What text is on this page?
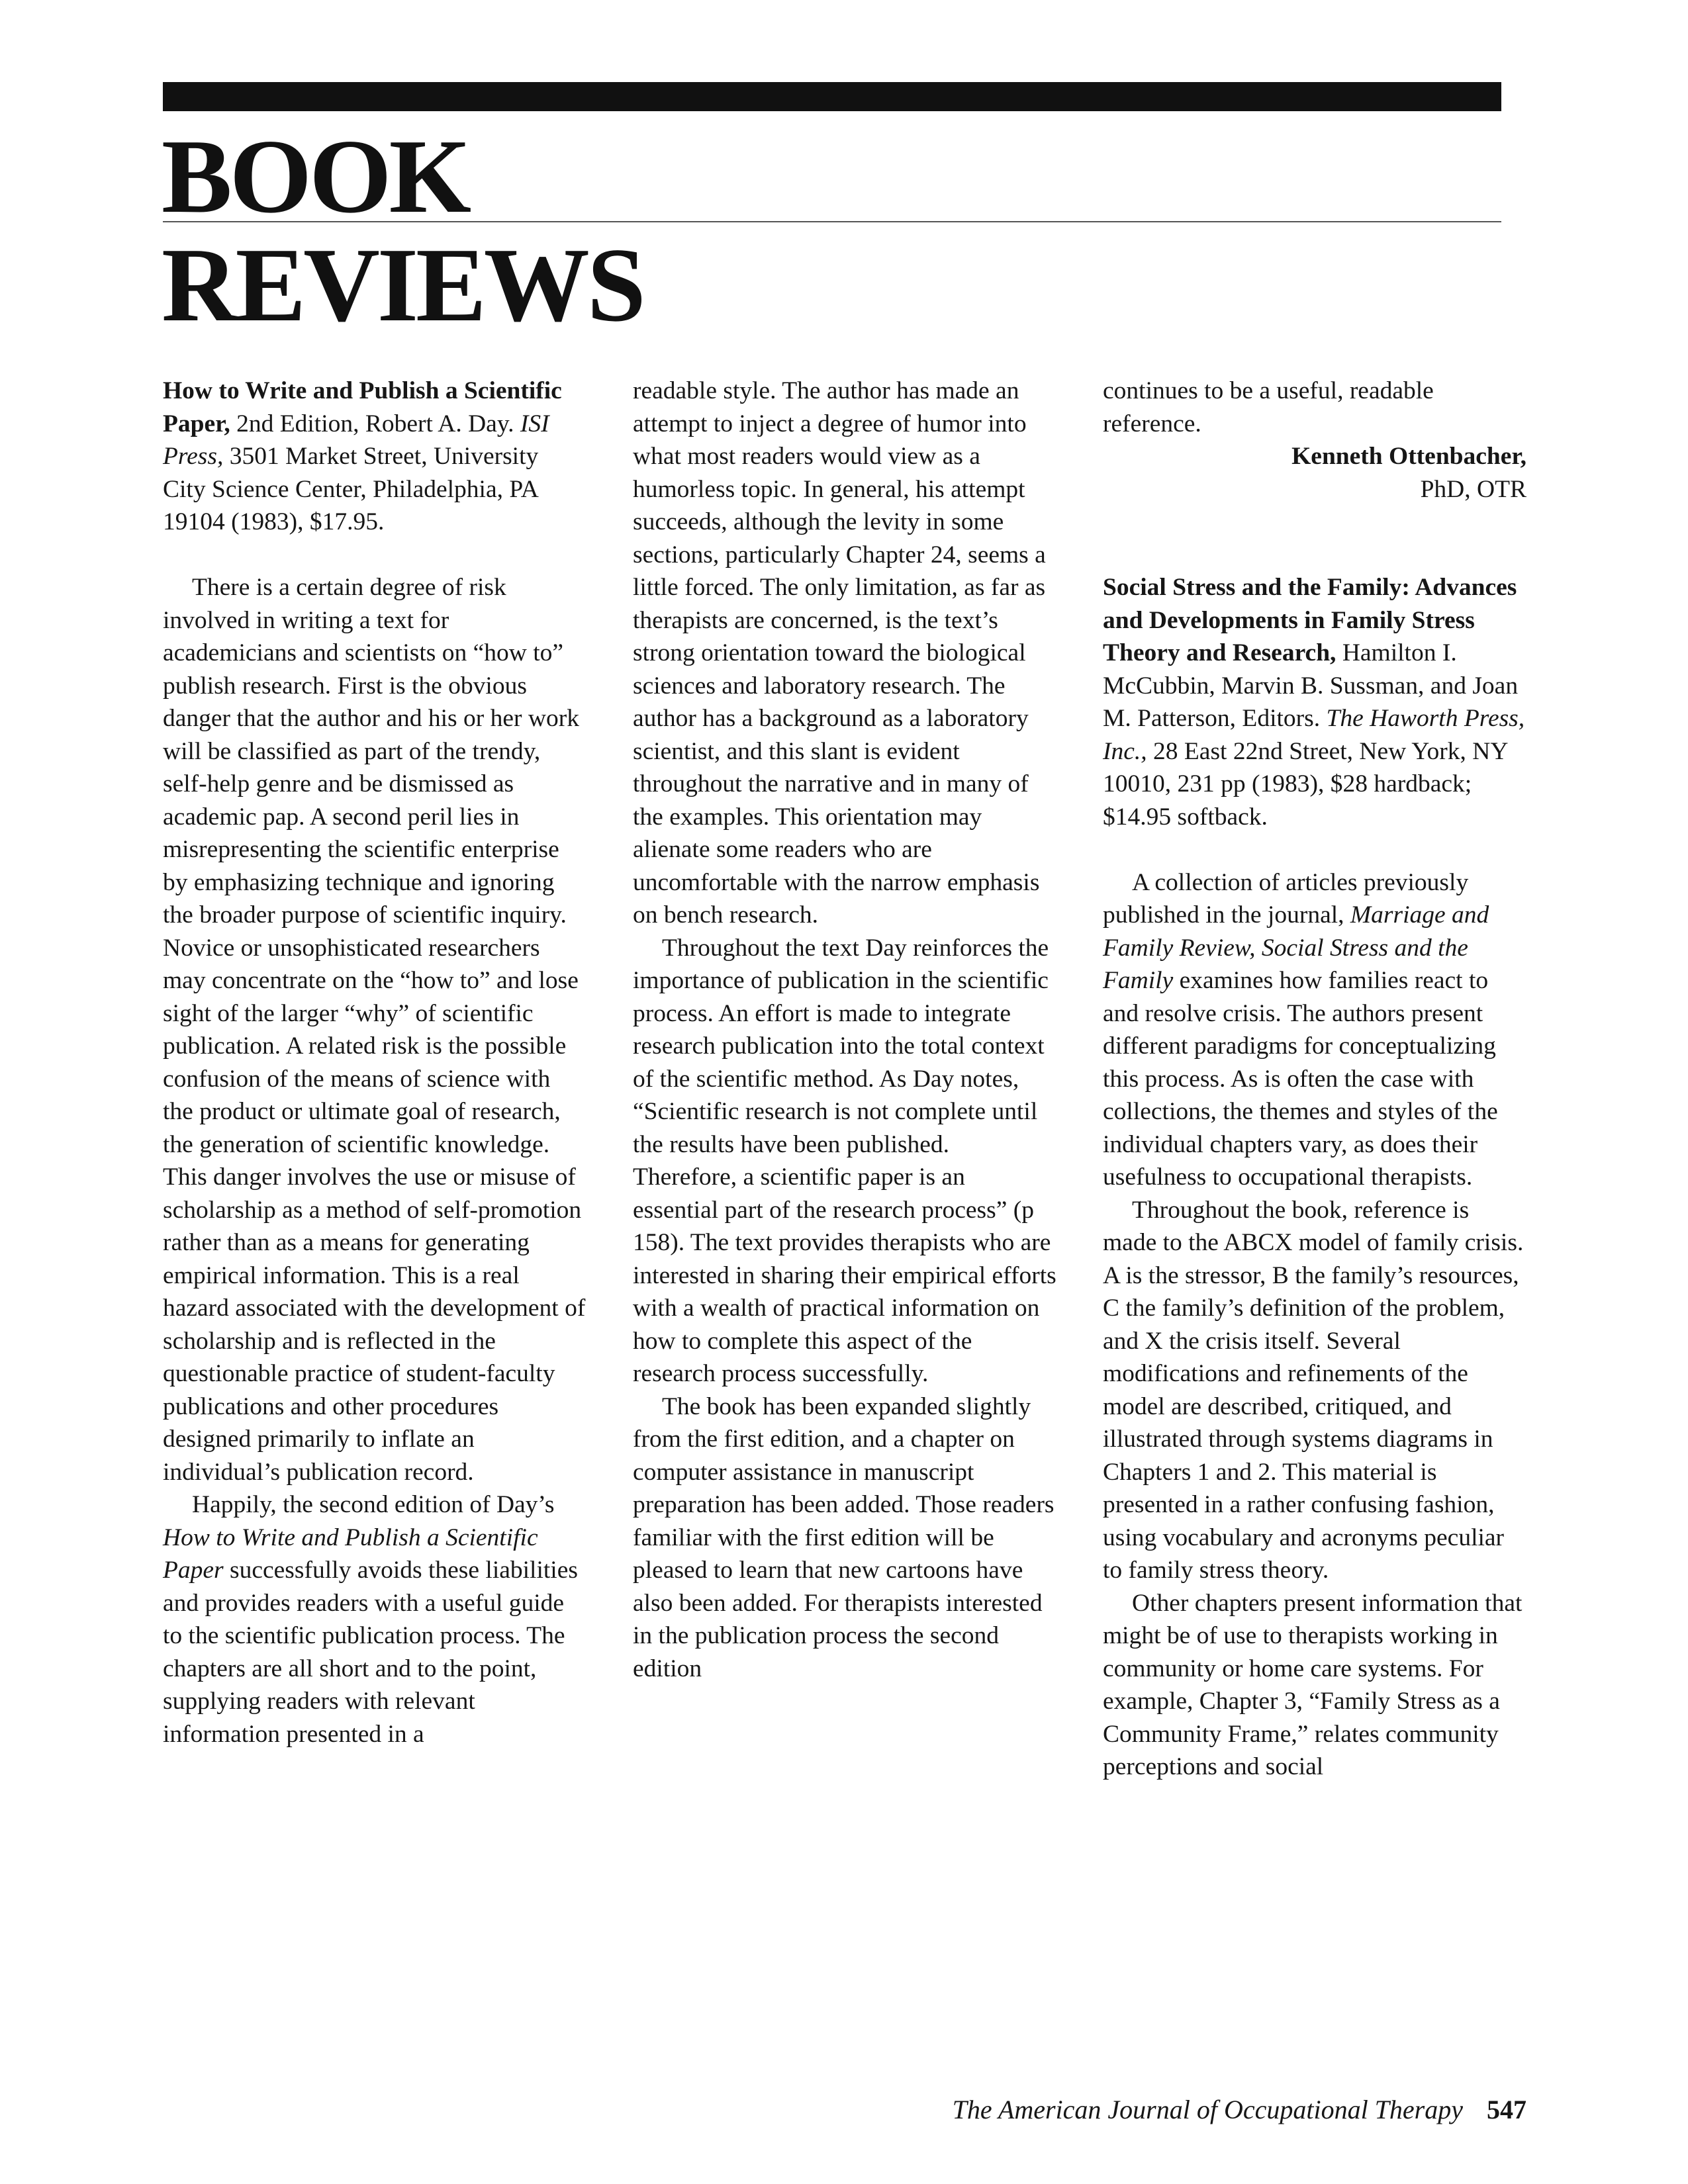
BOOK
REVIEWS

How to Write and Publish a Scientific Paper, 2nd Edition, Robert A. Day. ISI Press, 3501 Market Street, University City Science Center, Philadelphia, PA 19104 (1983), $17.95.

There is a certain degree of risk involved in writing a text for academicians and scientists on “how to” publish research. First is the obvious danger that the author and his or her work will be classified as part of the trendy, self-help genre and be dismissed as academic pap. A second peril lies in misrepresenting the scientific enterprise by emphasizing technique and ignoring the broader purpose of scientific inquiry. Novice or unsophisticated researchers may concentrate on the “how to” and lose sight of the larger “why” of scientific publication. A related risk is the possible confusion of the means of science with the product or ultimate goal of research, the generation of scientific knowledge. This danger involves the use or misuse of scholarship as a method of self-promotion rather than as a means for generating empirical information. This is a real hazard associated with the development of scholarship and is reflected in the questionable practice of student-faculty publications and other procedures designed primarily to inflate an individual’s publication record.

Happily, the second edition of Day’s How to Write and Publish a Scientific Paper successfully avoids these liabilities and provides readers with a useful guide to the scientific publication process. The chapters are all short and to the point, supplying readers with relevant information presented in a

readable style. The author has made an attempt to inject a degree of humor into what most readers would view as a humorless topic. In general, his attempt succeeds, although the levity in some sections, particularly Chapter 24, seems a little forced. The only limitation, as far as therapists are concerned, is the text’s strong orientation toward the biological sciences and laboratory research. The author has a background as a laboratory scientist, and this slant is evident throughout the narrative and in many of the examples. This orientation may alienate some readers who are uncomfortable with the narrow emphasis on bench research.

Throughout the text Day reinforces the importance of publication in the scientific process. An effort is made to integrate research publication into the total context of the scientific method. As Day notes, “Scientific research is not complete until the results have been published. Therefore, a scientific paper is an essential part of the research process” (p 158). The text provides therapists who are interested in sharing their empirical efforts with a wealth of practical information on how to complete this aspect of the research process successfully.

The book has been expanded slightly from the first edition, and a chapter on computer assistance in manuscript preparation has been added. Those readers familiar with the first edition will be pleased to learn that new cartoons have also been added. For therapists interested in the publication process the second edition

continues to be a useful, readable reference.

Kenneth Ottenbacher,

PhD, OTR

Social Stress and the Family: Advances and Developments in Family Stress Theory and Research, Hamilton I. McCubbin, Marvin B. Sussman, and Joan M. Patterson, Editors. The Haworth Press, Inc., 28 East 22nd Street, New York, NY 10010, 231 pp (1983), $28 hardback; $14.95 softback.

A collection of articles previously published in the journal, Marriage and Family Review, Social Stress and the Family examines how families react to and resolve crisis. The authors present different paradigms for conceptualizing this process. As is often the case with collections, the themes and styles of the individual chapters vary, as does their usefulness to occupational therapists.

Throughout the book, reference is made to the ABCX model of family crisis. A is the stressor, B the family’s resources, C the family’s definition of the problem, and X the crisis itself. Several modifications and refinements of the model are described, critiqued, and illustrated through systems diagrams in Chapters 1 and 2. This material is presented in a rather confusing fashion, using vocabulary and acronyms peculiar to family stress theory.

Other chapters present information that might be of use to therapists working in community or home care systems. For example, Chapter 3, “Family Stress as a Community Frame,” relates community perceptions and social

The American Journal of Occupational Therapy 547
